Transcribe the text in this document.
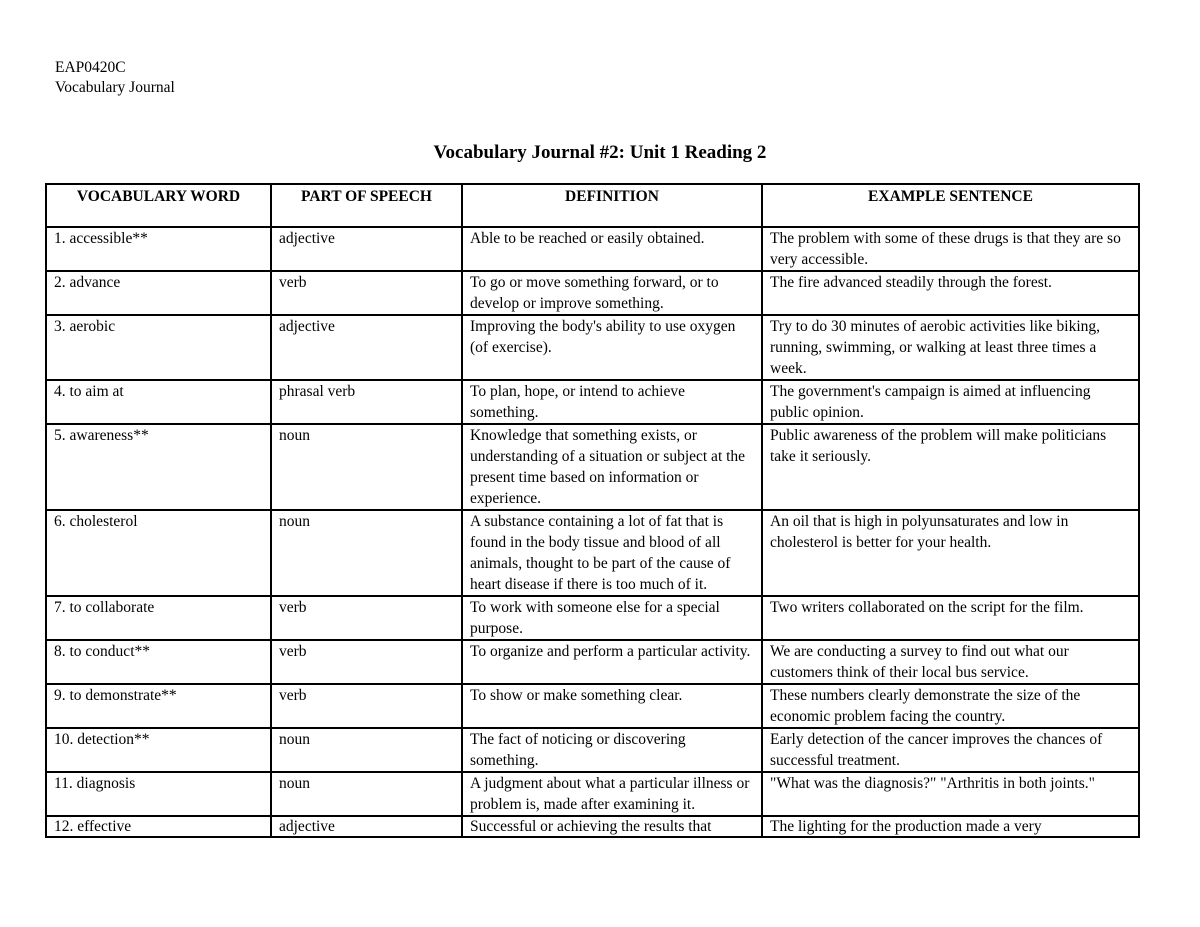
EAP0420C
Vocabulary Journal
Vocabulary Journal #2: Unit 1 Reading 2
VOCABULARY WORD	PART OF SPEECH	DEFINITION	EXAMPLE SENTENCE
1. accessible**	adjective	Able to be reached or easily obtained.	The problem with some of these drugs is that they are so very accessible.
2. advance	verb	To go or move something forward, or to develop or improve something.	The fire advanced steadily through the forest.
3. aerobic	adjective	Improving the body's ability to use oxygen (of exercise).	Try to do 30 minutes of aerobic activities like biking, running, swimming, or walking at least three times a week.
4. to aim at	phrasal verb	To plan, hope, or intend to achieve something.	The government's campaign is aimed at influencing public opinion.
5. awareness**	noun	Knowledge that something exists, or understanding of a situation or subject at the present time based on information or experience.	Public awareness of the problem will make politicians take it seriously.
6. cholesterol	noun	A substance containing a lot of fat that is found in the body tissue and blood of all animals, thought to be part of the cause of heart disease if there is too much of it.	An oil that is high in polyunsaturates and low in cholesterol is better for your health.
7. to collaborate	verb	To work with someone else for a special purpose.	Two writers collaborated on the script for the film.
8. to conduct**	verb	To organize and perform a particular activity.	We are conducting a survey to find out what our customers think of their local bus service.
9. to demonstrate**	verb	To show or make something clear.	These numbers clearly demonstrate the size of the economic problem facing the country.
10. detection**	noun	The fact of noticing or discovering something.	Early detection of the cancer improves the chances of successful treatment.
11. diagnosis	noun	A judgment about what a particular illness or problem is, made after examining it.	"What was the diagnosis?" "Arthritis in both joints."
12. effective	adjective	Successful or achieving the results that	The lighting for the production made a very
